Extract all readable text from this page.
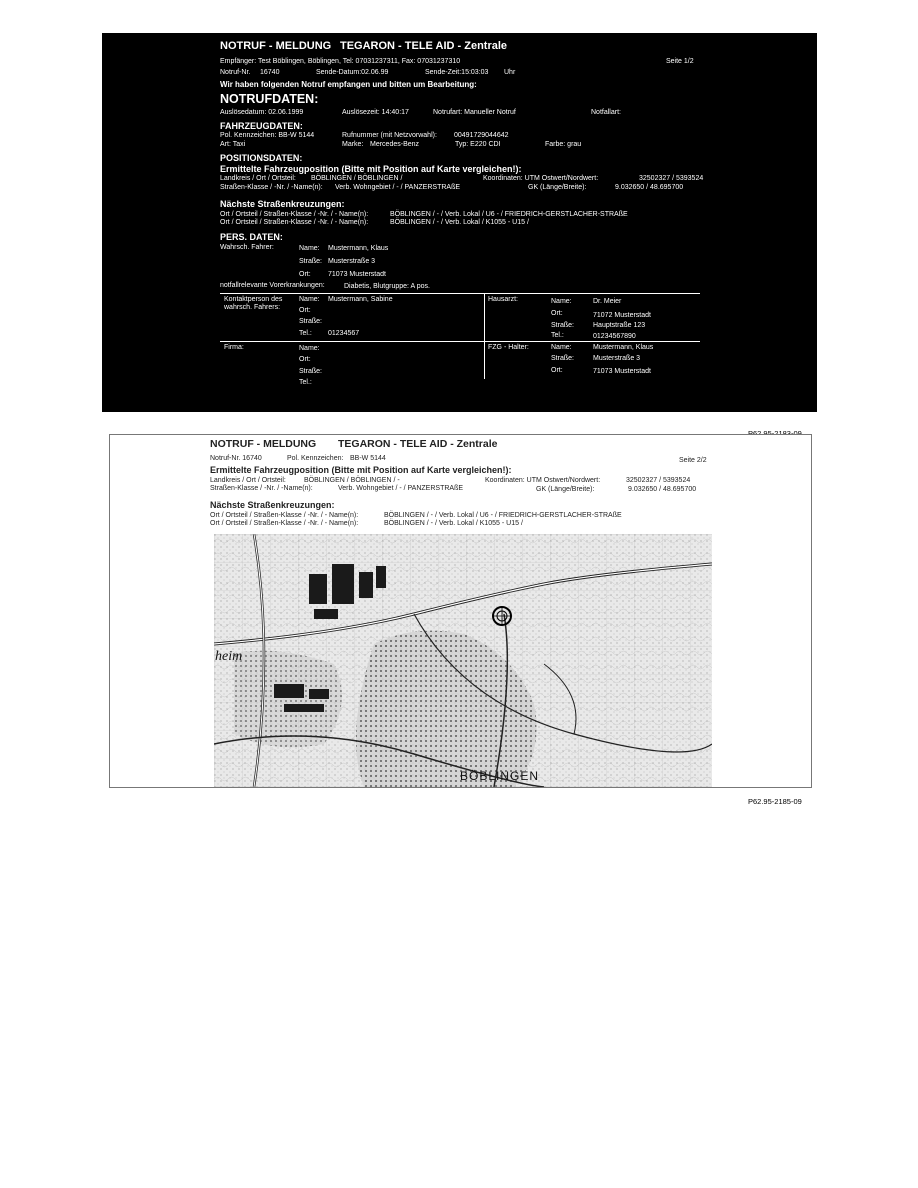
NOTRUF - MELDUNG TEGARON - TELE AID - Zentrale
Empfänger: Test Böblingen, Böblingen, Tel: 07031237311, Fax: 07031237310	Seite 1/2
Notruf-Nr. 16740	Sende-Datum:02.06.99	Sende-Zeit:15:03:03 Uhr
Wir haben folgenden Notruf empfangen und bitten um Bearbeitung:
NOTRUFDATEN:
Auslösedatum: 02.06.1999	Auslösezeit: 14:40:17	Notrufart: Manueller Notruf	Notfallart:
FAHRZEUGDATEN:
Pol. Kennzeichen: BB-W 5144	Rufnummer (mit Netzvorwahl): 00491729044642
Art: Taxi	Marke: Mercedes-Benz	Typ: E220 CDI	Farbe: grau
POSITIONSDATEN:
Ermittelte Fahrzeugposition (Bitte mit Position auf Karte vergleichen!):
Landkreis / Ort / Ortsteil: BÖBLINGEN / BÖBLINGEN /	Koordinaten: UTM Ostwert/Nordwert:	32502327 / 5393524
Straßen-Klasse / -Nr. / -Name(n): Verb. Wohngebiet / - / PANZERSTRAßE	GK (Länge/Breite):	9.032650 / 48.695700
Nächste Straßenkreuzungen:
Ort / Ortsteil / Straßen-Klasse / -Nr. / - Name(n):	BÖBLINGEN / - / Verb. Lokal / U6 - / FRIEDRICH-GERSTLACHER-STRAßE
Ort / Ortsteil / Straßen-Klasse / -Nr. / - Name(n):	BÖBLINGEN / - / Verb. Lokal / K1055 - U15 /
PERS. DATEN:
Wahrsch. Fahrer:	Name: Mustermann, Klaus
Straße: Musterstraße 3
Ort: 71073 Musterstadt
notfallrelevante Vorerkrankungen:	Diabetis, Blutgruppe: A pos.
Kontaktperson des wahrsch. Fahrers:
Name: Mustermann, Sabine
Ort:
Straße:
Tel.: 01234567
Hausarzt:	Name:	Dr. Meier
Ort:	71072 Musterstadt
Straße:	Hauptstraße 123
Tel.:	01234567890
Firma:	Name:
Ort:
Straße:
Tel.:
FZG - Halter:	Name:	Mustermann, Klaus
Straße:	Musterstraße 3
Ort:	71073 Musterstadt
NOTRUF - MELDUNG TEGARON - TELE AID - Zentrale
Notruf-Nr. 16740	Pol. Kennzeichen: BB-W 5144	Seite 2/2
Ermittelte Fahrzeugposition (Bitte mit Position auf Karte vergleichen!):
Landkreis / Ort / Ortsteil:	BÖBLINGEN / BÖBLINGEN / -	Koordinaten: UTM Ostwert/Nordwert:	32502327 / 5393524
Straßen-Klasse / -Nr. / -Name(n):	Verb. Wohngebiet / - / PANZERSTRAßE	GK (Länge/Breite):	9.032650 / 48.695700
Nächste Straßenkreuzungen:
Ort / Ortsteil / Straßen-Klasse / -Nr. / - Name(n):	BÖBLINGEN / - / Verb. Lokal / U6 - / FRIEDRICH-GERSTLACHER-STRAßE
Ort / Ortsteil / Straßen-Klasse / -Nr. / - Name(n):	BÖBLINGEN / - / Verb. Lokal / K1055 - U15 /
BÖBLINGEN
heim
P62.95-2185-09
